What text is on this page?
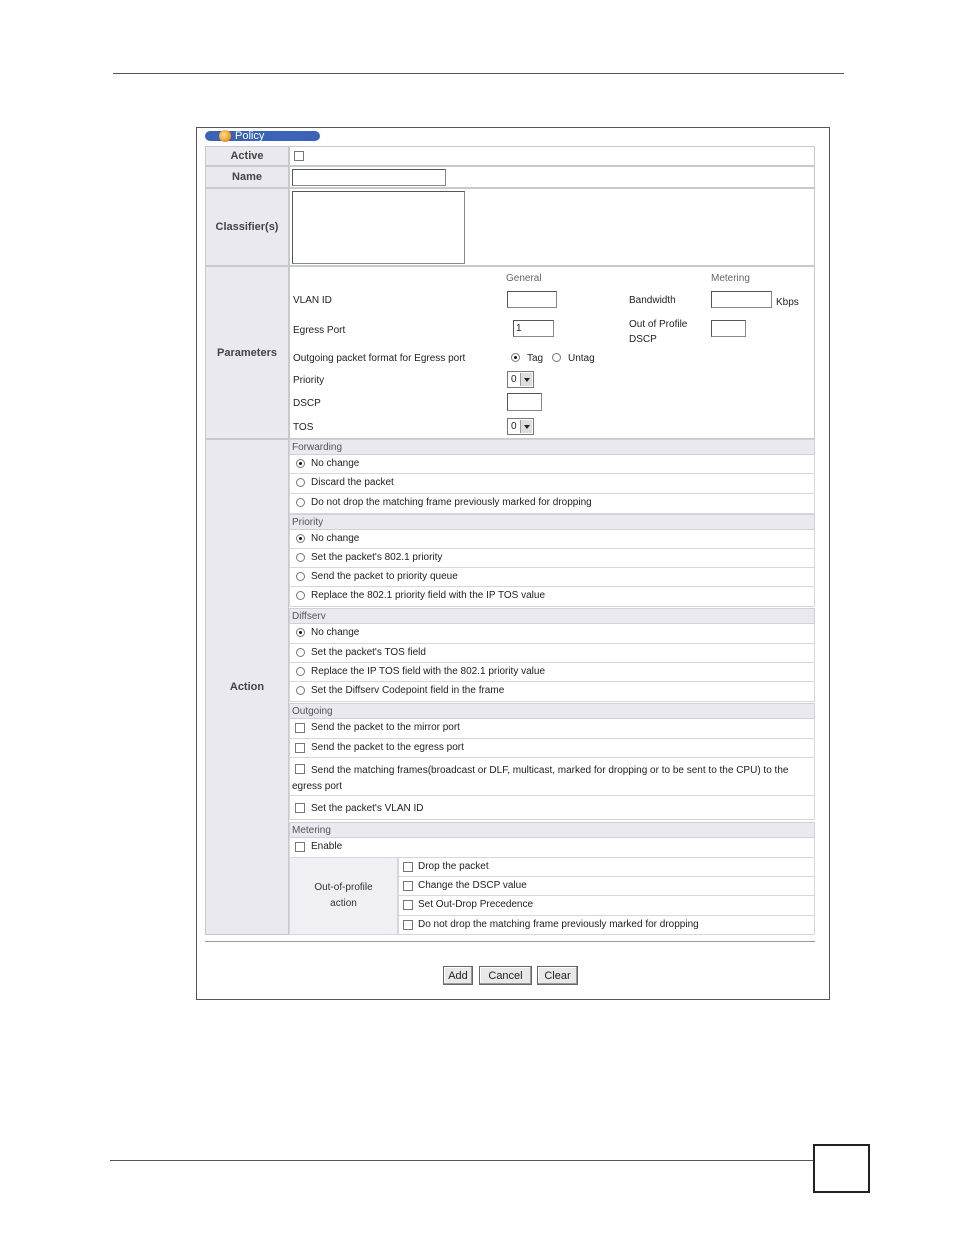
Policy
Active
Name
Classifier(s)
Parameters
General	Metering
VLAN ID	Bandwidth	Kbps
Egress Port	1	Out of Profile DSCP
Outgoing packet format for Egress port	Tag Untag
Priority	0
DSCP
TOS	0
Action
Forwarding
No change
Discard the packet
Do not drop the matching frame previously marked for dropping
Priority
No change
Set the packet's 802.1 priority
Send the packet to priority queue
Replace the 802.1 priority field with the IP TOS value
Diffserv
No change
Set the packet's TOS field
Replace the IP TOS field with the 802.1 priority value
Set the Diffserv Codepoint field in the frame
Outgoing
Send the packet to the mirror port
Send the packet to the egress port
Send the matching frames(broadcast or DLF, multicast, marked for dropping or to be sent to the CPU) to the egress port
Set the packet's VLAN ID
Metering
Enable
Out-of-profile action
Drop the packet
Change the DSCP value
Set Out-Drop Precedence
Do not drop the matching frame previously marked for dropping
Add	Cancel	Clear
